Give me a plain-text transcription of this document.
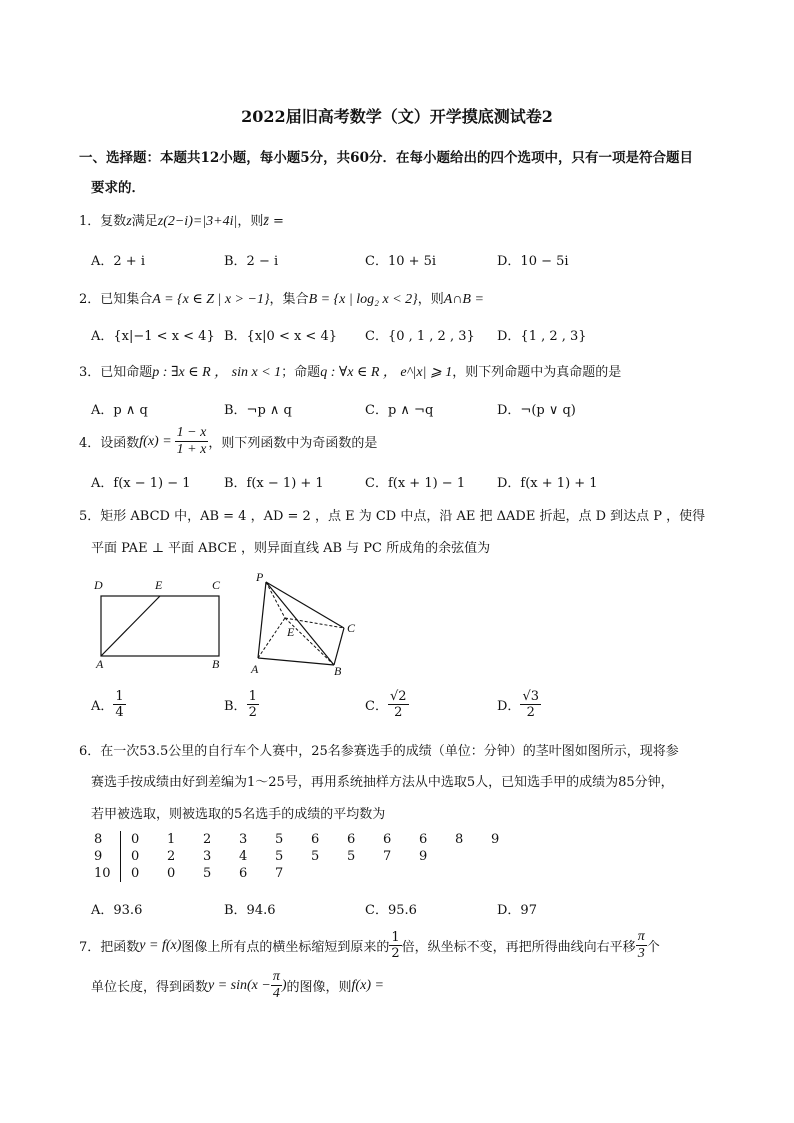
2022届旧高考数学（文）开学摸底测试卷2
一、选择题：本题共12小题，每小题5分，共60分．在每小题给出的四个选项中，只有一项是符合题目
要求的．
1．复数z满足z(2−i)=|3+4i|，则z̄ =
A．2 + i	B．2 − i	C．10 + 5i	D．10 − 5i
2．已知集合A = {x ∈ Z | x > −1}，集合B = {x | log₂ x < 2}，则A∩B =
A．{x|−1 < x < 4} B．{x|0 < x < 4} C．{0 , 1 , 2 , 3} D．{1 , 2 , 3}
3．已知命题p : ∃x ∈ R ， sin x < 1；命题q : ∀x ∈ R ， e^|x| ⩾ 1，则下列命题中为真命题的是
A．p ∧ q	B．¬p ∧ q	C．p ∧ ¬q	D．¬(p ∨ q)
4．设函数 $f(x) = \frac{1 - x}{1 + x}$ ，则下列函数中为奇函数的是
A．f(x − 1) − 1	B．f(x − 1) + 1	C．f(x + 1) − 1 D．f(x + 1) + 1
5．矩形 ABCD 中，AB = 4 ，AD = 2 ，点 E 为 CD 中点，沿 AE 把 ΔADE 折起，点 D 到达点 P ，使得
平面 PAE ⊥ 平面 ABCE ，则异面直线 AB 与 PC 所成角的余弦值为
D	E	C
A	B
P
E	C
A	B
A． $\frac{1}{4}$	B． $\frac{1}{2}$	C． $\frac{√2}{2}$	D． $\frac{√3}{2}$
6．在一次53.5公里的自行车个人赛中，25名参赛选手的成绩（单位：分钟）的茎叶图如图所示，现将参
赛选手按成绩由好到差编为1～25号，再用系统抽样方法从中选取5人，已知选手甲的成绩为85分钟，
若甲被选取，则被选取的5名选手的成绩的平均数为
8	0	1	2	3	5	6	6	6	6	8	9
9	0	2	3	4	5	5	5	7	9		
10	0	0	5	6	7						
A．93.6	B．94.6	C．95.6	D．97
7．把函数 y = f(x) 图像上所有点的横坐标缩短到原来的 $\frac{1}{2}$ 倍，纵坐标不变，再把所得曲线向右平移 $\frac{\pi}{3}$ 个
单位长度，得到函数 $y = \sin(x - \frac{\pi}{4}$ ) 的图像，则 f(x) =
